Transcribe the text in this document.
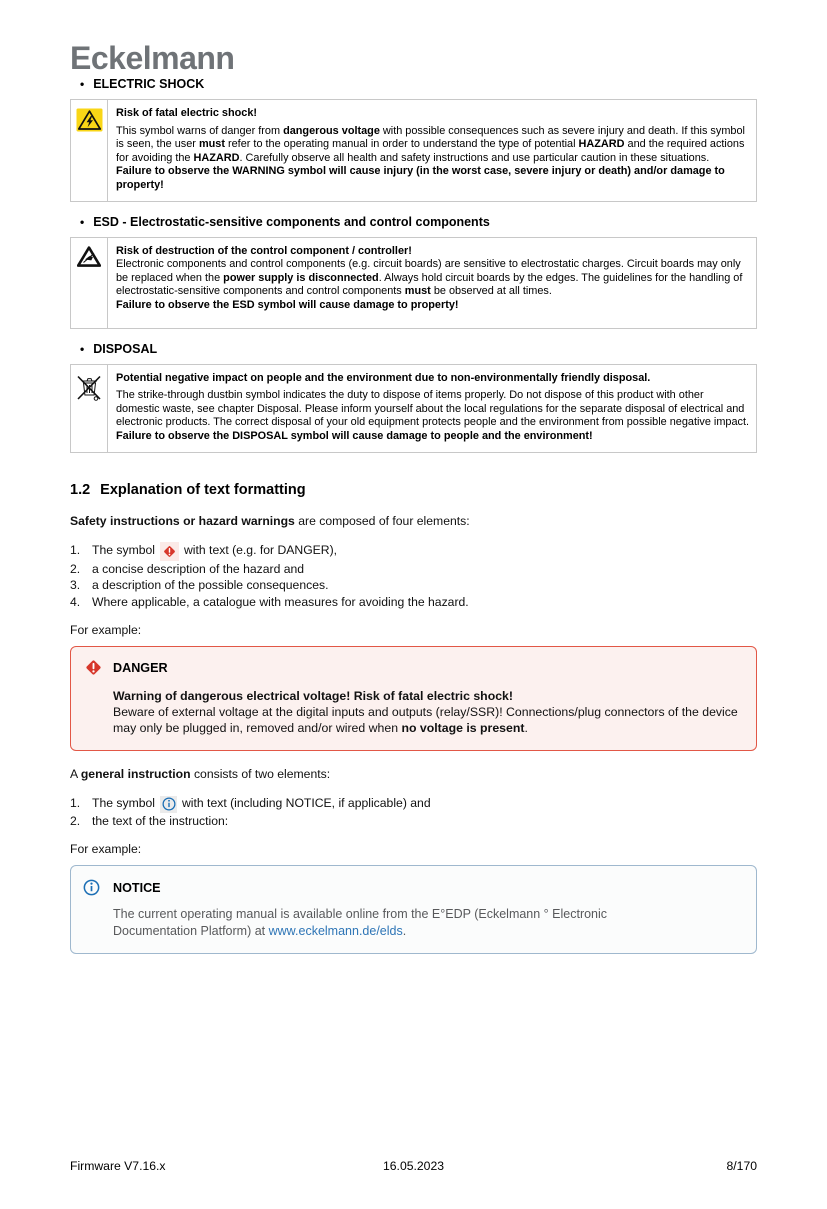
Eckelmann
• ELECTRIC SHOCK
Risk of fatal electric shock!
This symbol warns of danger from dangerous voltage with possible consequences such as severe injury and death. If this symbol is seen, the user must refer to the operating manual in order to understand the type of potential HAZARD and the required actions for avoiding the HAZARD. Carefully observe all health and safety instructions and use particular caution in these situations.
Failure to observe the WARNING symbol will cause injury (in the worst case, severe injury or death) and/or damage to property!
• ESD - Electrostatic-sensitive components and control components
Risk of destruction of the control component / controller!
Electronic components and control components (e.g. circuit boards) are sensitive to electrostatic charges. Circuit boards may only be replaced when the power supply is disconnected. Always hold circuit boards by the edges. The guidelines for the handling of electrostatic-sensitive components and control components must be observed at all times.
Failure to observe the ESD symbol will cause damage to property!
• DISPOSAL
Potential negative impact on people and the environment due to non-environmentally friendly disposal.
The strike-through dustbin symbol indicates the duty to dispose of items properly. Do not dispose of this product with other domestic waste, see chapter Disposal. Please inform yourself about the local regulations for the separate disposal of electrical and electronic products. The correct disposal of your old equipment protects people and the environment from possible negative impact. Failure to observe the DISPOSAL symbol will cause damage to people and the environment!
1.2 Explanation of text formatting
Safety instructions or hazard warnings are composed of four elements:
1. The symbol with text (e.g. for DANGER),
2. a concise description of the hazard and
3. a description of the possible consequences.
4. Where applicable, a catalogue with measures for avoiding the hazard.
For example:
DANGER
Warning of dangerous electrical voltage! Risk of fatal electric shock!
Beware of external voltage at the digital inputs and outputs (relay/SSR)! Connections/plug connectors of the device may only be plugged in, removed and/or wired when no voltage is present.
A general instruction consists of two elements:
1. The symbol with text (including NOTICE, if applicable) and
2. the text of the instruction:
For example:
NOTICE
The current operating manual is available online from the E°EDP (Eckelmann ° Electronic Documentation Platform) at www.eckelmann.de/elds.
Firmware V7.16.x	16.05.2023	8/170
